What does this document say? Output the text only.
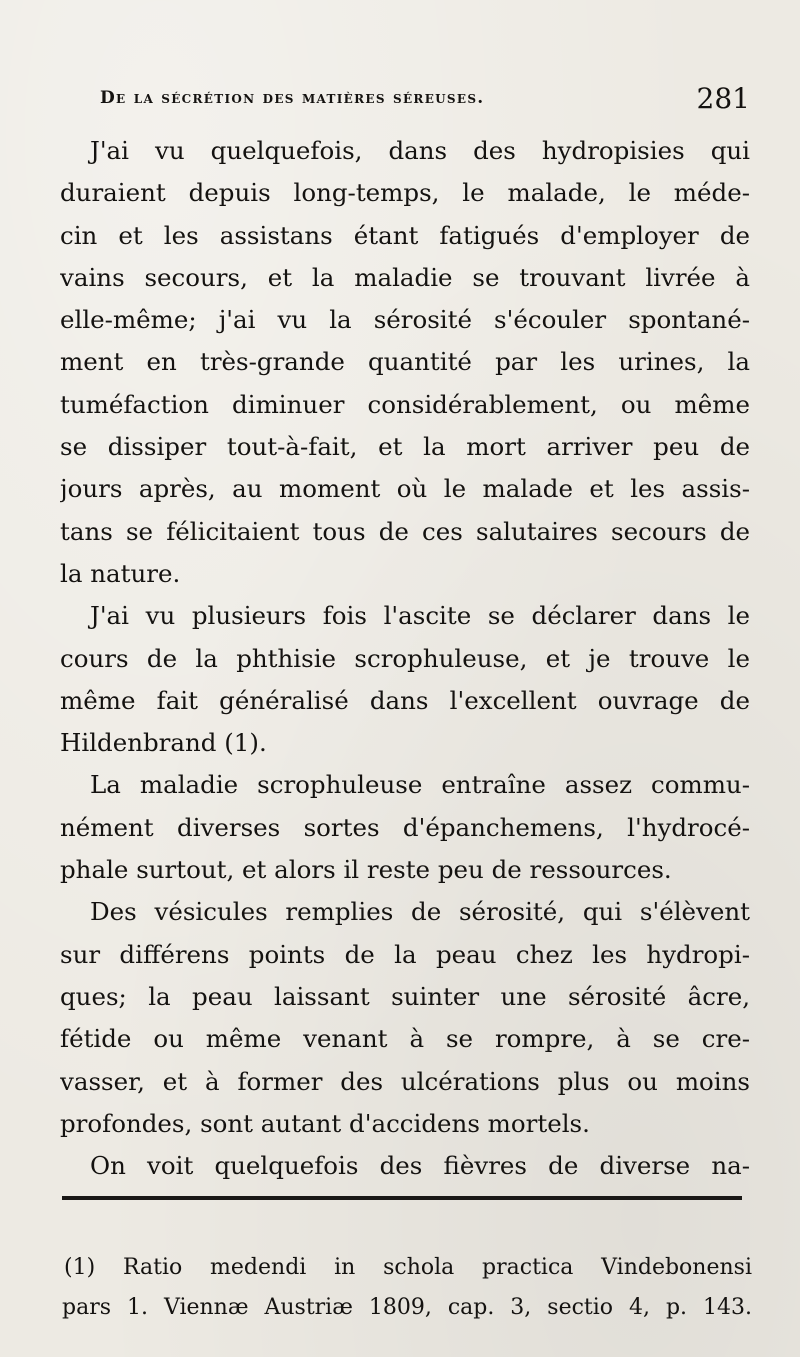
De la sécrétion des matières séreuses.	281
J'ai vu quelquefois, dans des hydropisies qui
duraient depuis long-temps, le malade, le méde-
cin et les assistans étant fatigués d'employer de
vains secours, et la maladie se trouvant livrée à
elle-même; j'ai vu la sérosité s'écouler spontané-
ment en très-grande quantité par les urines, la
tuméfaction diminuer considérablement, ou même
se dissiper tout-à-fait, et la mort arriver peu de
jours après, au moment où le malade et les assis-
tans se félicitaient tous de ces salutaires secours de
la nature.
J'ai vu plusieurs fois l'ascite se déclarer dans le
cours de la phthisie scrophuleuse, et je trouve le
même fait généralisé dans l'excellent ouvrage de
Hildenbrand (1).
La maladie scrophuleuse entraîne assez commu-
nément diverses sortes d'épanchemens, l'hydrocé-
phale surtout, et alors il reste peu de ressources.
Des vésicules remplies de sérosité, qui s'élèvent
sur différens points de la peau chez les hydropi-
ques; la peau laissant suinter une sérosité âcre,
fétide ou même venant à se rompre, à se cre-
vasser, et à former des ulcérations plus ou moins
profondes, sont autant d'accidens mortels.
On voit quelquefois des fièvres de diverse na-
(1) Ratio medendi in schola practica Vindebonensi
pars 1. Viennæ Austriæ 1809, cap. 3, sectio 4, p. 143.
